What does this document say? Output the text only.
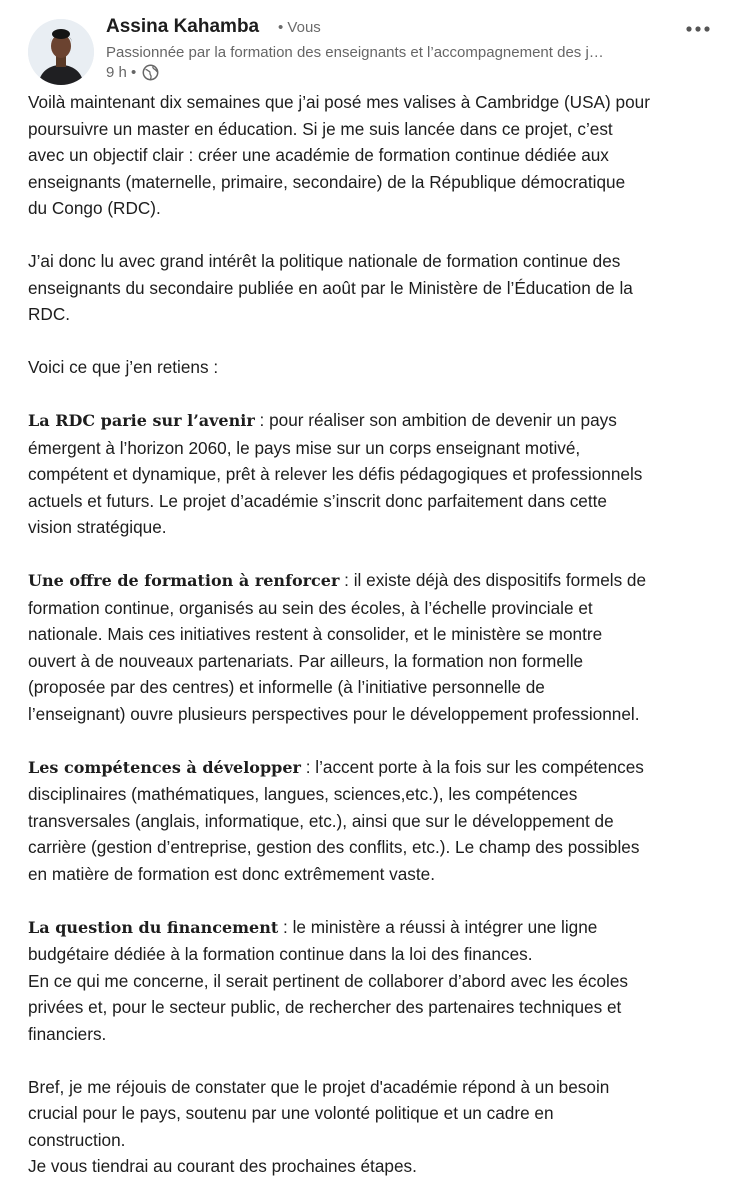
Assina Kahamba • Vous
Passionnée par la formation des enseignants et l’accompagnement des j…
9 h •

Voilà maintenant dix semaines que j’ai posé mes valises à Cambridge (USA) pour
poursuivre un master en éducation. Si je me suis lancée dans ce projet, c’est
avec un objectif clair : créer une académie de formation continue dédiée aux
enseignants (maternelle, primaire, secondaire) de la République démocratique
du Congo (RDC).

J’ai donc lu avec grand intérêt la politique nationale de formation continue des
enseignants du secondaire publiée en août par le Ministère de l’Éducation de la
RDC.

Voici ce que j’en retiens :

La RDC parie sur l’avenir : pour réaliser son ambition de devenir un pays
émergent à l’horizon 2060, le pays mise sur un corps enseignant motivé,
compétent et dynamique, prêt à relever les défis pédagogiques et professionnels
actuels et futurs. Le projet d’académie s’inscrit donc parfaitement dans cette
vision stratégique.

Une offre de formation à renforcer : il existe déjà des dispositifs formels de
formation continue, organisés au sein des écoles, à l’échelle provinciale et
nationale. Mais ces initiatives restent à consolider, et le ministère se montre
ouvert à de nouveaux partenariats. Par ailleurs, la formation non formelle
(proposée par des centres) et informelle (à l’initiative personnelle de
l’enseignant) ouvre plusieurs perspectives pour le développement professionnel.

Les compétences à développer : l’accent porte à la fois sur les compétences
disciplinaires (mathématiques, langues, sciences,etc.), les compétences
transversales (anglais, informatique, etc.), ainsi que sur le développement de
carrière (gestion d’entreprise, gestion des conflits, etc.). Le champ des possibles
en matière de formation est donc extrêmement vaste.

La question du financement : le ministère a réussi à intégrer une ligne
budgétaire dédiée à la formation continue dans la loi des finances.
En ce qui me concerne, il serait pertinent de collaborer d’abord avec les écoles
privées et, pour le secteur public, de rechercher des partenaires techniques et
financiers.

Bref, je me réjouis de constater que le projet d'académie répond à un besoin
crucial pour le pays, soutenu par une volonté politique et un cadre en
construction.
Je vous tiendrai au courant des prochaines étapes.
